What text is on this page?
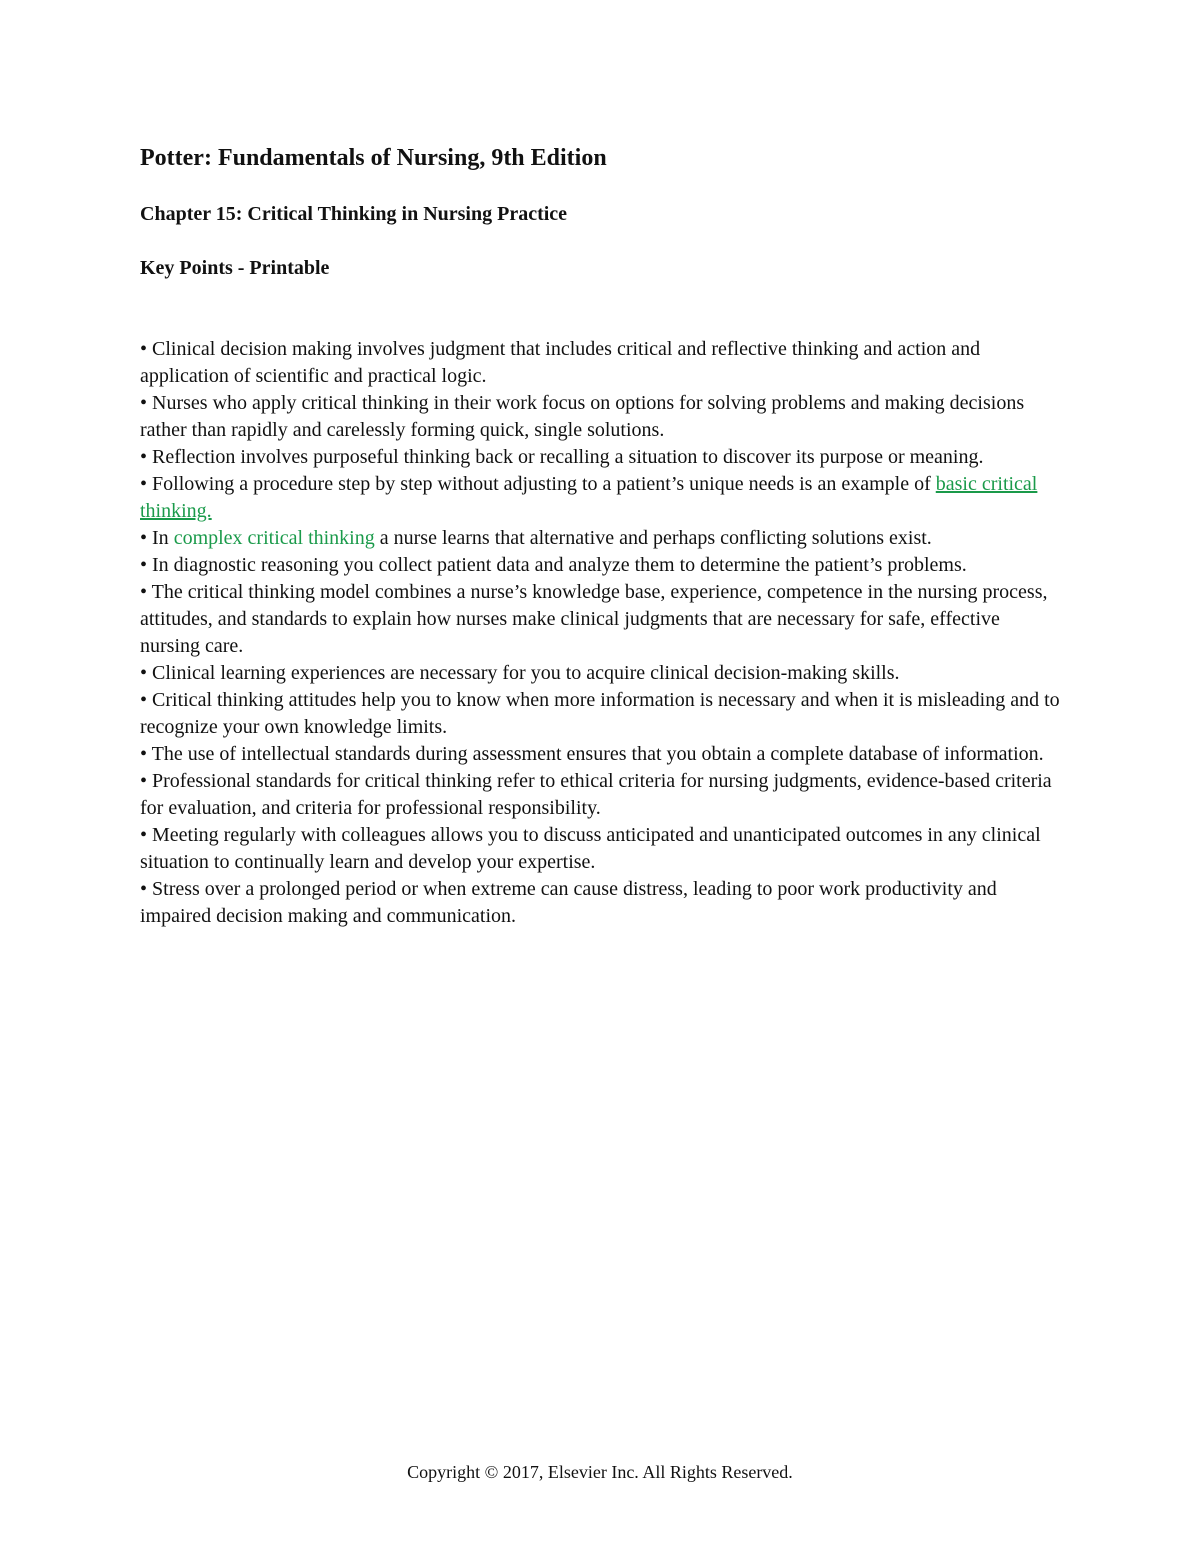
Potter: Fundamentals of Nursing, 9th Edition
Chapter 15: Critical Thinking in Nursing Practice
Key Points - Printable
• Clinical decision making involves judgment that includes critical and reflective thinking and action and application of scientific and practical logic.
• Nurses who apply critical thinking in their work focus on options for solving problems and making decisions rather than rapidly and carelessly forming quick, single solutions.
• Reflection involves purposeful thinking back or recalling a situation to discover its purpose or meaning.
• Following a procedure step by step without adjusting to a patient’s unique needs is an example of basic critical thinking.
• In complex critical thinking a nurse learns that alternative and perhaps conflicting solutions exist.
• In diagnostic reasoning you collect patient data and analyze them to determine the patient’s problems.
• The critical thinking model combines a nurse’s knowledge base, experience, competence in the nursing process, attitudes, and standards to explain how nurses make clinical judgments that are necessary for safe, effective nursing care.
• Clinical learning experiences are necessary for you to acquire clinical decision-making skills.
• Critical thinking attitudes help you to know when more information is necessary and when it is misleading and to recognize your own knowledge limits.
• The use of intellectual standards during assessment ensures that you obtain a complete database of information.
• Professional standards for critical thinking refer to ethical criteria for nursing judgments, evidence-based criteria for evaluation, and criteria for professional responsibility.
• Meeting regularly with colleagues allows you to discuss anticipated and unanticipated outcomes in any clinical situation to continually learn and develop your expertise.
• Stress over a prolonged period or when extreme can cause distress, leading to poor work productivity and impaired decision making and communication.
Copyright © 2017, Elsevier Inc. All Rights Reserved.
